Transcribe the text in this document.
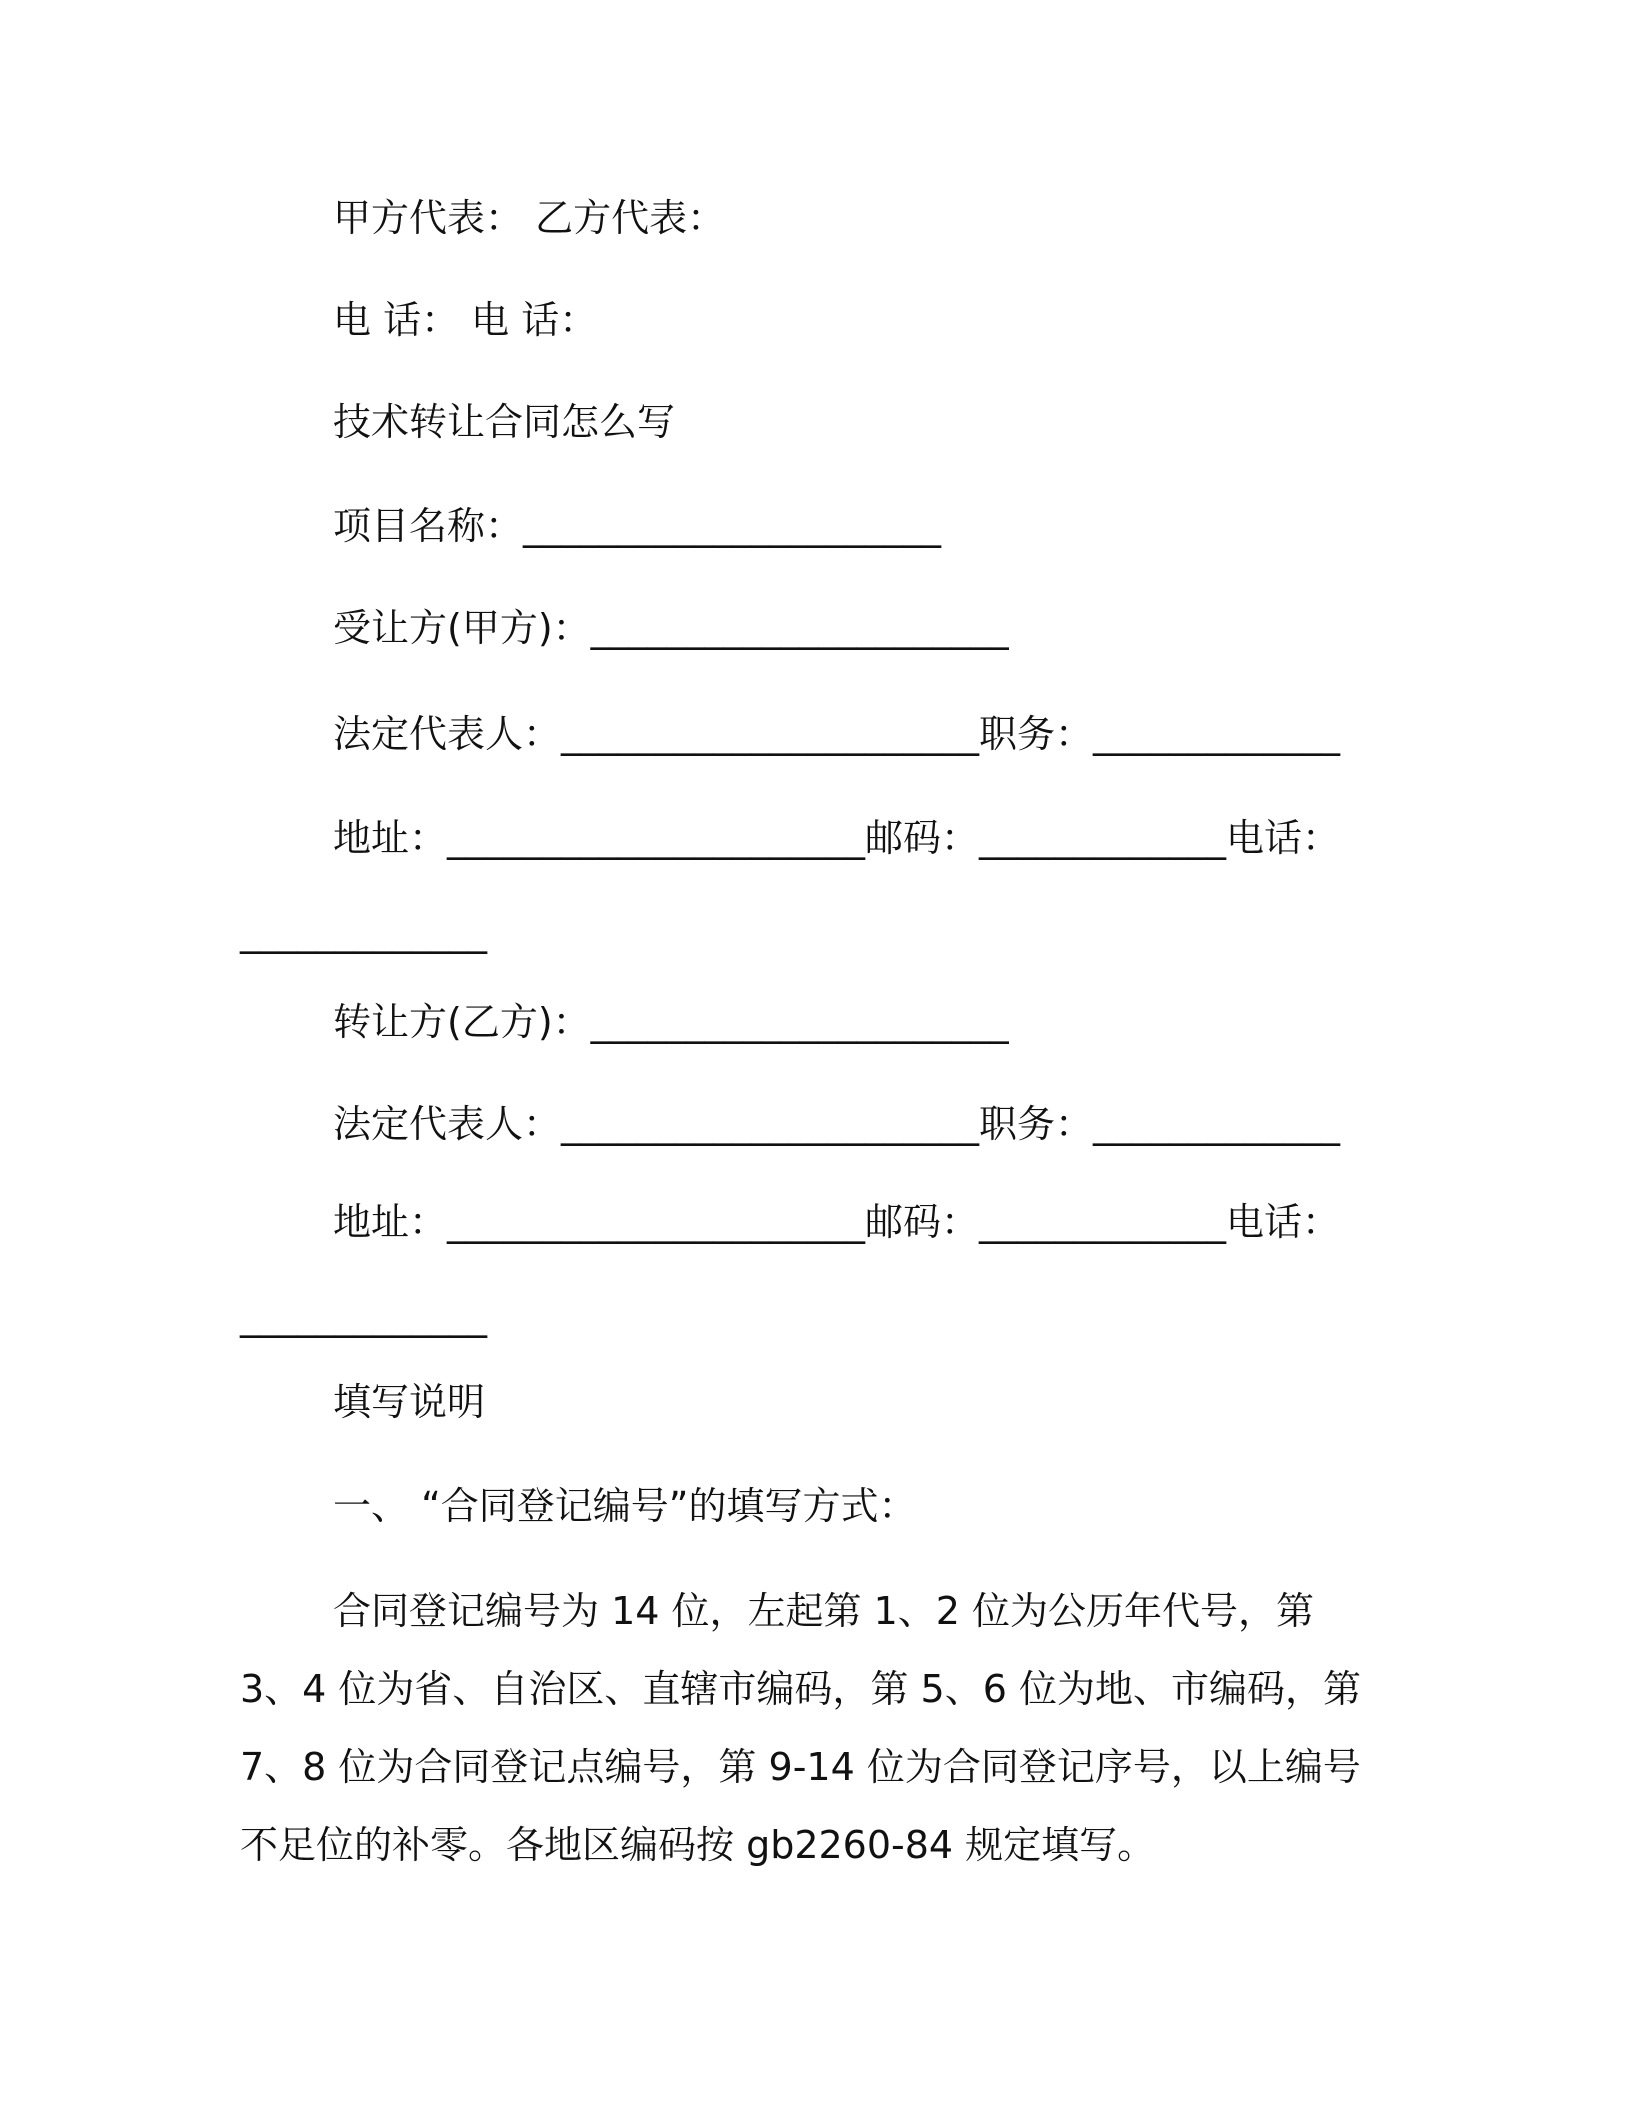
甲方代表： 乙方代表：
电 话： 电 话：
技术转让合同怎么写
项目名称：______________________
受让方(甲方)：______________________
法定代表人：______________________职务：_____________
地址：______________________邮码：_____________电话：
_____________
转让方(乙方)：______________________
法定代表人：______________________职务：_____________
地址：______________________邮码：_____________电话：
_____________
填写说明
一、 “合同登记编号”的填写方式：
合同登记编号为 14 位，左起第 1、2 位为公历年代号，第 3、4 位为省、自治区、直辖市编码，第 5、6 位为地、市编码，第 7、8 位为合同登记点编号，第 9-14 位为合同登记序号，以上编号不足位的补零。各地区编码按 gb2260-84 规定填写。
